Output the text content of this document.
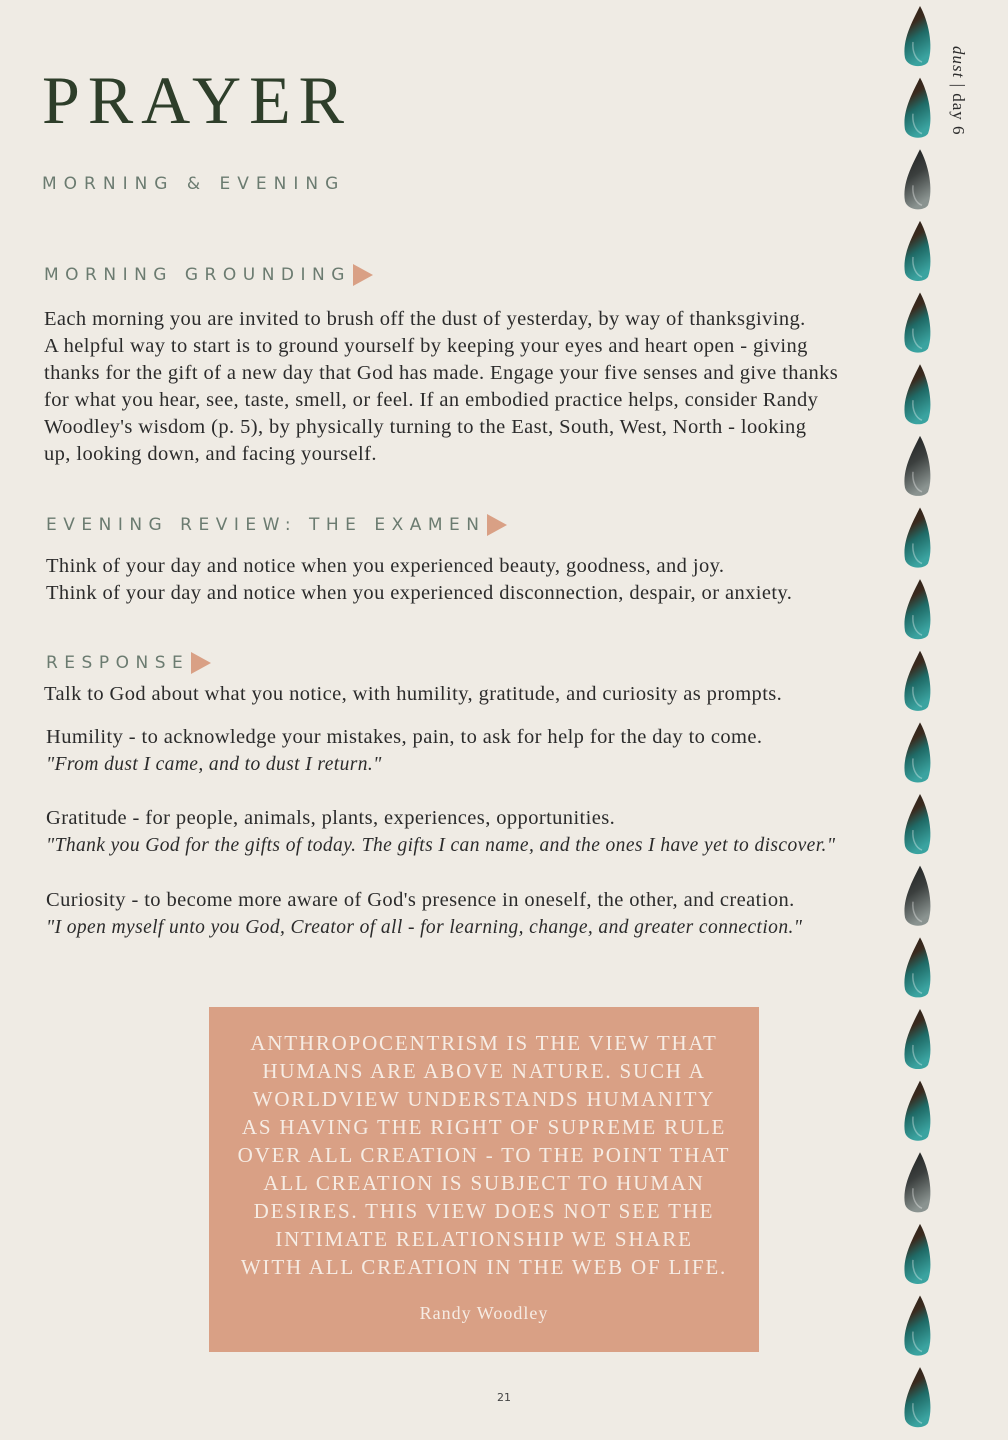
PRAYER
MORNING & EVENING
dust | day 6
MORNING GROUNDING

Each morning you are invited to brush off the dust of yesterday, by way of thanksgiving.
A helpful way to start is to ground yourself by keeping your eyes and heart open - giving
thanks for the gift of a new day that God has made. Engage your five senses and give thanks
for what you hear, see, taste, smell, or feel. If an embodied practice helps, consider Randy
Woodley's wisdom (p. 5), by physically turning to the East, South, West, North - looking
up, looking down, and facing yourself.

EVENING REVIEW: THE EXAMEN

Think of your day and notice when you experienced beauty, goodness, and joy.
Think of your day and notice when you experienced disconnection, despair, or anxiety.

RESPONSE

Talk to God about what you notice, with humility, gratitude, and curiosity as prompts.

Humility - to acknowledge your mistakes, pain, to ask for help for the day to come.
"From dust I came, and to dust I return."

Gratitude - for people, animals, plants, experiences, opportunities.
"Thank you God for the gifts of today. The gifts I can name, and the ones I have yet to discover."

Curiosity - to become more aware of God's presence in oneself, the other, and creation.
"I open myself unto you God, Creator of all - for learning, change, and greater connection."

ANTHROPOCENTRISM IS THE VIEW THAT
HUMANS ARE ABOVE NATURE. SUCH A
WORLDVIEW UNDERSTANDS HUMANITY
AS HAVING THE RIGHT OF SUPREME RULE
OVER ALL CREATION - TO THE POINT THAT
ALL CREATION IS SUBJECT TO HUMAN
DESIRES. THIS VIEW DOES NOT SEE THE
INTIMATE RELATIONSHIP WE SHARE
WITH ALL CREATION IN THE WEB OF LIFE.
Randy Woodley
21
